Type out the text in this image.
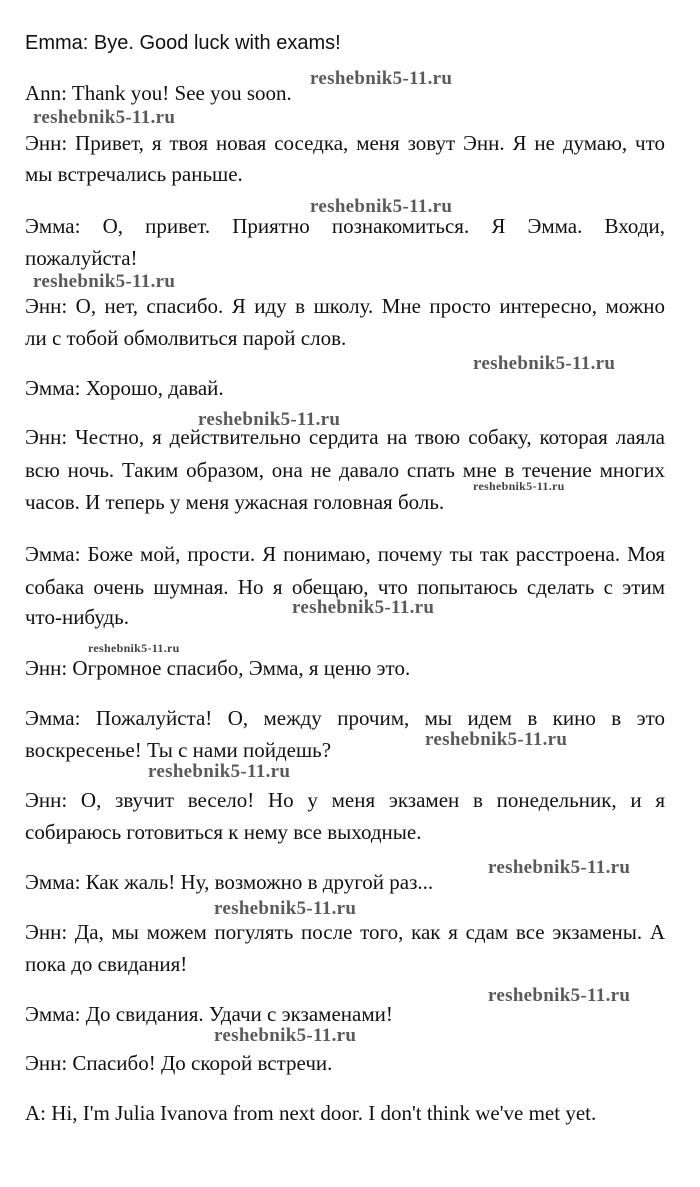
Emma: Bye. Good luck with exams!
Ann: Thank you! See you soon.
Энн: Привет, я твоя новая соседка, меня зовут Энн. Я не думаю, что
мы встречались раньше.
Эмма: О, привет. Приятно познакомиться. Я Эмма. Входи,
пожалуйста!
Энн: О, нет, спасибо. Я иду в школу. Мне просто интересно, можно
ли с тобой обмолвиться парой слов.
Эмма: Хорошо, давай.
Энн: Честно, я действительно сердита на твою собаку, которая лаяла
всю ночь. Таким образом, она не давало спать мне в течение многих
часов. И теперь у меня ужасная головная боль.
Эмма: Боже мой, прости. Я понимаю, почему ты так расстроена. Моя
собака очень шумная. Но я обещаю, что попытаюсь сделать с этим
что-нибудь.
Энн: Огромное спасибо, Эмма, я ценю это.
Эмма: Пожалуйста! О, между прочим, мы идем в кино в это
воскресенье! Ты с нами пойдешь?
Энн: О, звучит весело! Но у меня экзамен в понедельник, и я
собираюсь готовиться к нему все выходные.
Эмма: Как жаль! Ну, возможно в другой раз...
Энн: Да, мы можем погулять после того, как я сдам все экзамены. А
пока до свидания!
Эмма: До свидания. Удачи с экзаменами!
Энн: Спасибо! До скорой встречи.
A: Hi, I'm Julia Ivanova from next door. I don't think we've met yet.
reshebnik5-11.ru
reshebnik5-11.ru
reshebnik5-11.ru
reshebnik5-11.ru
reshebnik5-11.ru
reshebnik5-11.ru
reshebnik5-11.ru
reshebnik5-11.ru
reshebnik5-11.ru
reshebnik5-11.ru
reshebnik5-11.ru
reshebnik5-11.ru
reshebnik5-11.ru
reshebnik5-11.ru
reshebnik5-11.ru
